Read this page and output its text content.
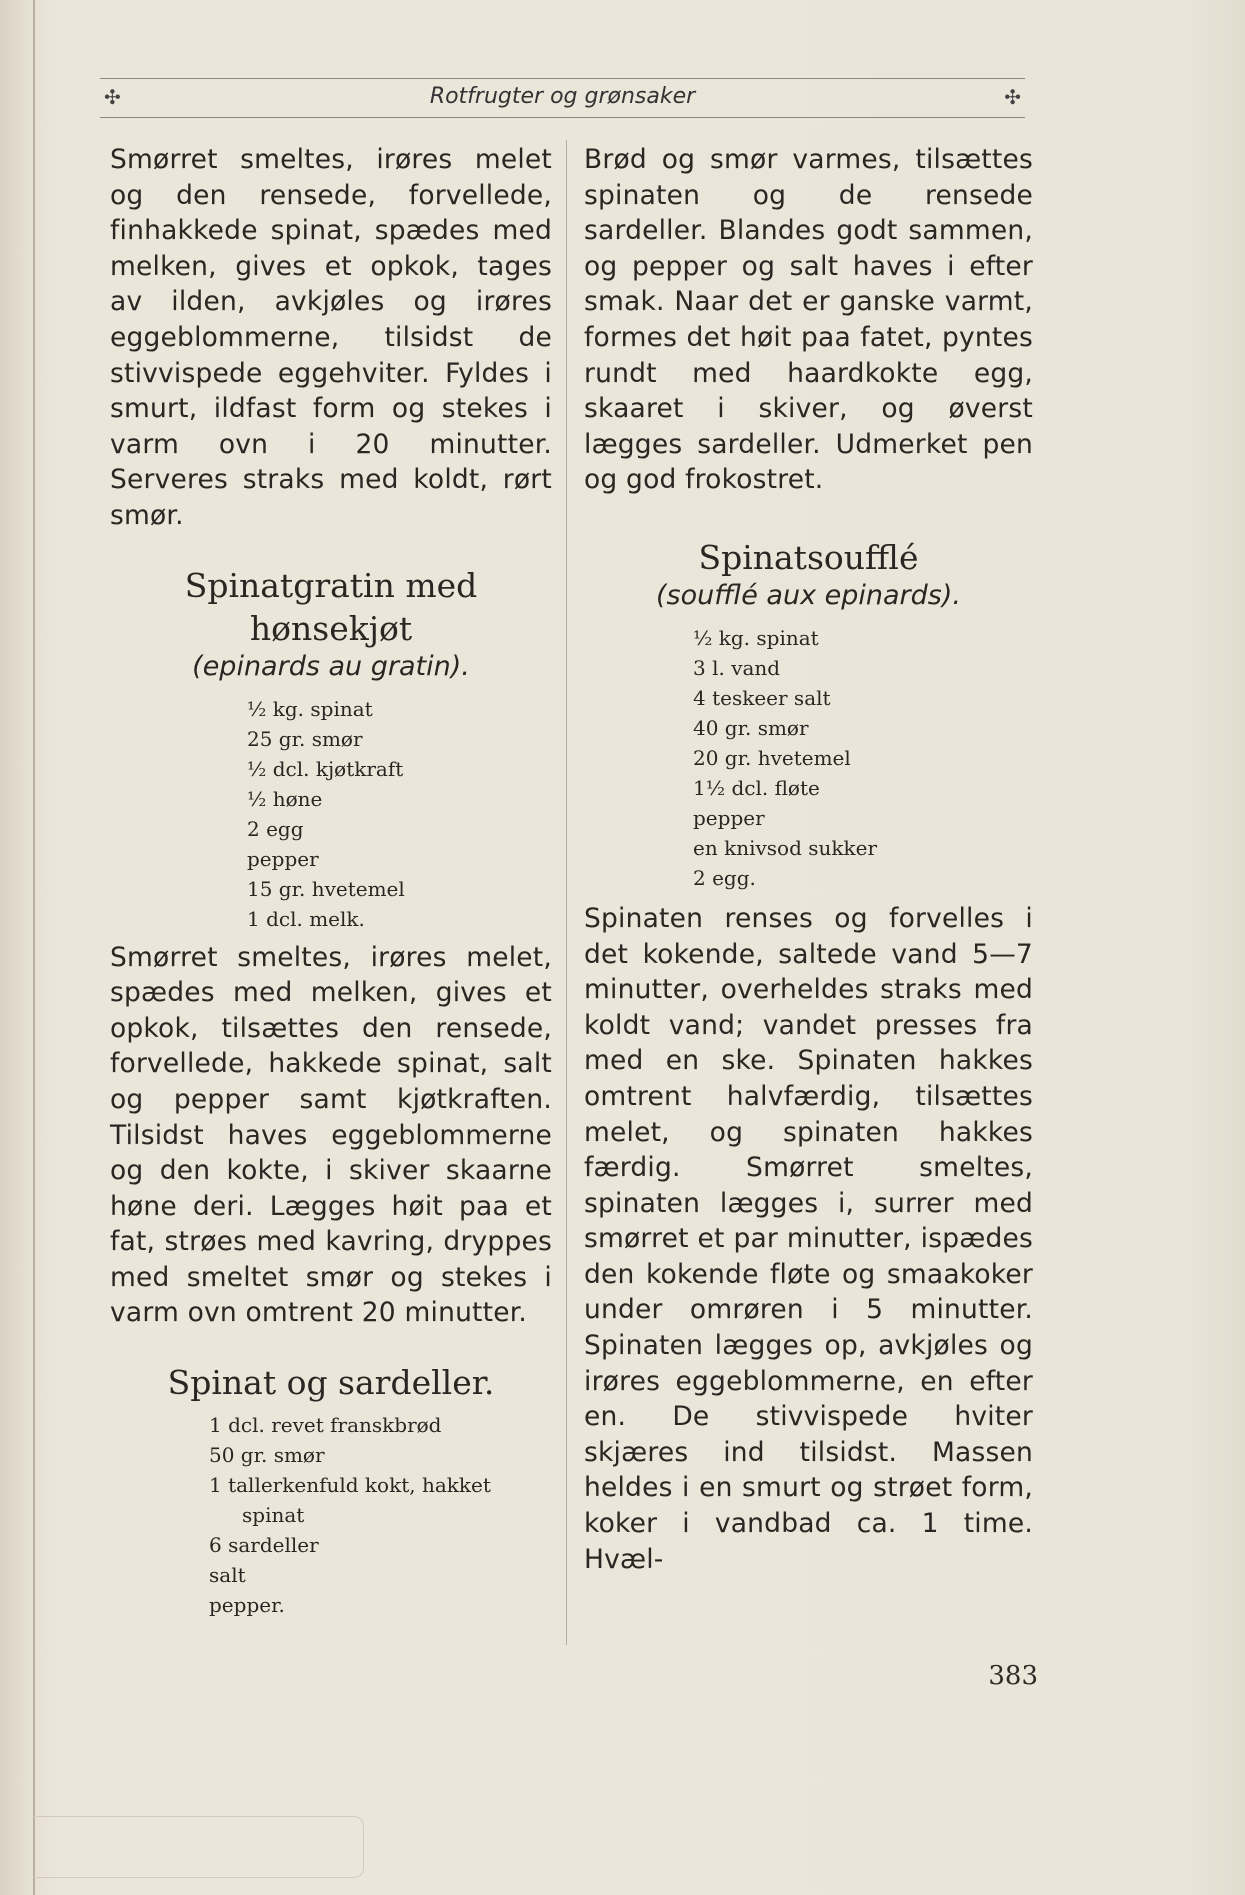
✣	Rotfrugter og grønsaker	✣

Smørret smeltes, irøres melet og den rensede, forvellede, finhakkede spinat, spædes med melken, gives et opkok, tages av ilden, avkjøles og irøres eggeblommerne, tilsidst de stivvispede eggehviter. Fyldes i smurt, ildfast form og stekes i varm ovn i 20 minutter. Serveres straks med koldt, rørt smør.

Spinatgratin med
hønsekjøt
(epinards au gratin).
½ kg. spinat
25 gr. smør
½ dcl. kjøtkraft
½ høne
2 egg
pepper
15 gr. hvetemel
1 dcl. melk.

Smørret smeltes, irøres melet, spædes med melken, gives et opkok, tilsættes den rensede, forvellede, hakkede spinat, salt og pepper samt kjøtkraften. Tilsidst haves eggeblommerne og den kokte, i skiver skaarne høne deri. Lægges høit paa et fat, strøes med kavring, dryppes med smeltet smør og stekes i varm ovn omtrent 20 minutter.

Spinat og sardeller.
1 dcl. revet franskbrød
50 gr. smør
1 tallerkenfuld kokt, hakket
spinat
6 sardeller
salt
pepper.

Brød og smør varmes, tilsættes spinaten og de rensede sardeller. Blandes godt sammen, og pepper og salt haves i efter smak. Naar det er ganske varmt, formes det høit paa fatet, pyntes rundt med haardkokte egg, skaaret i skiver, og øverst lægges sardeller. Udmerket pen og god frokostret.

Spinatsoufflé
(soufflé aux epinards).
½ kg. spinat
3 l. vand
4 teskeer salt
40 gr. smør
20 gr. hvetemel
1½ dcl. fløte
pepper
en knivsod sukker
2 egg.

Spinaten renses og forvelles i det kokende, saltede vand 5—7 minutter, overheldes straks med koldt vand; vandet presses fra med en ske. Spinaten hakkes omtrent halvfærdig, tilsættes melet, og spinaten hakkes færdig. Smørret smeltes, spinaten lægges i, surrer med smørret et par minutter, ispædes den kokende fløte og smaakoker under omrøren i 5 minutter. Spinaten lægges op, avkjøles og irøres eggeblommerne, en efter en. De stivvispede hviter skjæres ind tilsidst. Massen heldes i en smurt og strøet form, koker i vandbad ca. 1 time. Hvæl-

383
